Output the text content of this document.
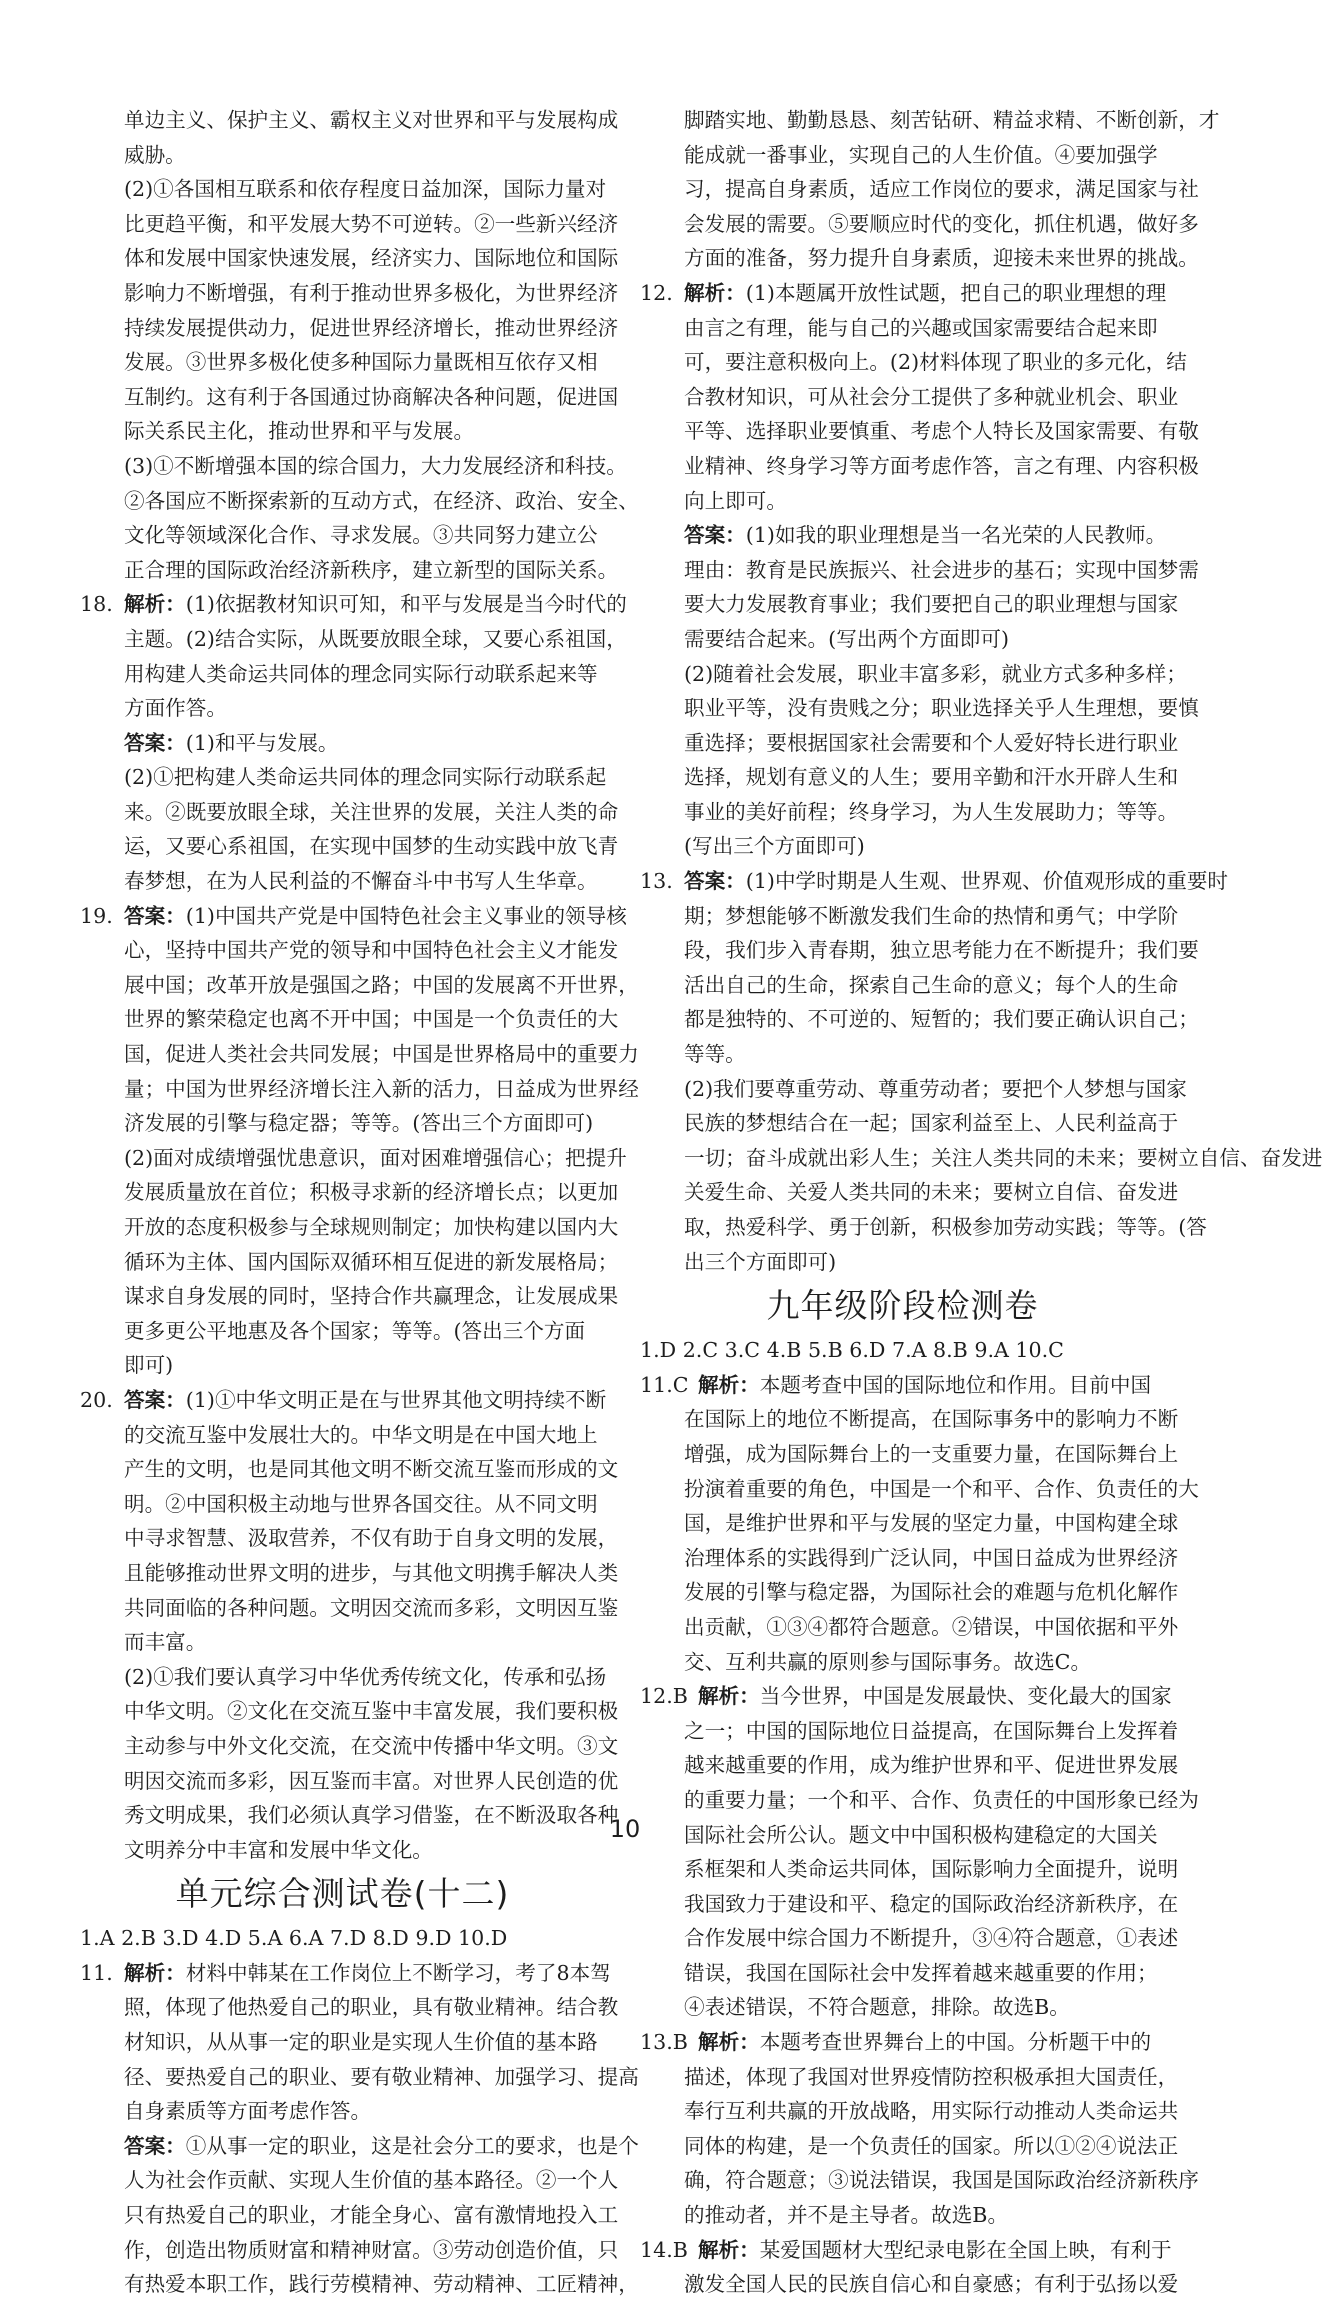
单边主义、保护主义、霸权主义对世界和平与发展构成
威胁。
(2)①各国相互联系和依存程度日益加深，国际力量对
比更趋平衡，和平发展大势不可逆转。②一些新兴经济
体和发展中国家快速发展，经济实力、国际地位和国际
影响力不断增强，有利于推动世界多极化，为世界经济
持续发展提供动力，促进世界经济增长，推动世界经济
发展。③世界多极化使多种国际力量既相互依存又相
互制约。这有利于各国通过协商解决各种问题，促进国
际关系民主化，推动世界和平与发展。
(3)①不断增强本国的综合国力，大力发展经济和科技。
②各国应不断探索新的互动方式，在经济、政治、安全、
文化等领域深化合作、寻求发展。③共同努力建立公
正合理的国际政治经济新秩序，建立新型的国际关系。
18. 解析：(1)依据教材知识可知，和平与发展是当今时代的
主题。(2)结合实际，从既要放眼全球，又要心系祖国，
用构建人类命运共同体的理念同实际行动联系起来等
方面作答。
答案：(1)和平与发展。
(2)①把构建人类命运共同体的理念同实际行动联系起
来。②既要放眼全球，关注世界的发展，关注人类的命
运，又要心系祖国，在实现中国梦的生动实践中放飞青
春梦想，在为人民利益的不懈奋斗中书写人生华章。
19. 答案：(1)中国共产党是中国特色社会主义事业的领导核
心，坚持中国共产党的领导和中国特色社会主义才能发
展中国；改革开放是强国之路；中国的发展离不开世界，
世界的繁荣稳定也离不开中国；中国是一个负责任的大
国，促进人类社会共同发展；中国是世界格局中的重要力
量；中国为世界经济增长注入新的活力，日益成为世界经
济发展的引擎与稳定器；等等。(答出三个方面即可)
(2)面对成绩增强忧患意识，面对困难增强信心；把提升
发展质量放在首位；积极寻求新的经济增长点；以更加
开放的态度积极参与全球规则制定；加快构建以国内大
循环为主体、国内国际双循环相互促进的新发展格局；
谋求自身发展的同时，坚持合作共赢理念，让发展成果
更多更公平地惠及各个国家；等等。(答出三个方面
即可)
20. 答案：(1)①中华文明正是在与世界其他文明持续不断
的交流互鉴中发展壮大的。中华文明是在中国大地上
产生的文明，也是同其他文明不断交流互鉴而形成的文
明。②中国积极主动地与世界各国交往。从不同文明
中寻求智慧、汲取营养，不仅有助于自身文明的发展，
且能够推动世界文明的进步，与其他文明携手解决人类
共同面临的各种问题。文明因交流而多彩，文明因互鉴
而丰富。
(2)①我们要认真学习中华优秀传统文化，传承和弘扬
中华文明。②文化在交流互鉴中丰富发展，我们要积极
主动参与中外文化交流，在交流中传播中华文明。③文
明因交流而多彩，因互鉴而丰富。对世界人民创造的优
秀文明成果，我们必须认真学习借鉴，在不断汲取各种
文明养分中丰富和发展中华文化。
单元综合测试卷(十二)
1.A 2.B 3.D 4.D 5.A 6.A 7.D 8.D 9.D 10.D
11. 解析：材料中韩某在工作岗位上不断学习，考了8本驾
照，体现了他热爱自己的职业，具有敬业精神。结合教
材知识，从从事一定的职业是实现人生价值的基本路
径、要热爱自己的职业、要有敬业精神、加强学习、提高
自身素质等方面考虑作答。
答案：①从事一定的职业，这是社会分工的要求，也是个
人为社会作贡献、实现人生价值的基本路径。②一个人
只有热爱自己的职业，才能全身心、富有激情地投入工
作，创造出物质财富和精神财富。③劳动创造价值，只
有热爱本职工作，践行劳模精神、劳动精神、工匠精神，
脚踏实地、勤勤恳恳、刻苦钻研、精益求精、不断创新，才
能成就一番事业，实现自己的人生价值。④要加强学
习，提高自身素质，适应工作岗位的要求，满足国家与社
会发展的需要。⑤要顺应时代的变化，抓住机遇，做好多
方面的准备，努力提升自身素质，迎接未来世界的挑战。
12. 解析：(1)本题属开放性试题，把自己的职业理想的理
由言之有理，能与自己的兴趣或国家需要结合起来即
可，要注意积极向上。(2)材料体现了职业的多元化，结
合教材知识，可从社会分工提供了多种就业机会、职业
平等、选择职业要慎重、考虑个人特长及国家需要、有敬
业精神、终身学习等方面考虑作答，言之有理、内容积极
向上即可。
答案：(1)如我的职业理想是当一名光荣的人民教师。
理由：教育是民族振兴、社会进步的基石；实现中国梦需
要大力发展教育事业；我们要把自己的职业理想与国家
需要结合起来。(写出两个方面即可)
(2)随着社会发展，职业丰富多彩，就业方式多种多样；
职业平等，没有贵贱之分；职业选择关乎人生理想，要慎
重选择；要根据国家社会需要和个人爱好特长进行职业
选择，规划有意义的人生；要用辛勤和汗水开辟人生和
事业的美好前程；终身学习，为人生发展助力；等等。
(写出三个方面即可)
13. 答案：(1)中学时期是人生观、世界观、价值观形成的重要时
期；梦想能够不断激发我们生命的热情和勇气；中学阶
段，我们步入青春期，独立思考能力在不断提升；我们要
活出自己的生命，探索自己生命的意义；每个人的生命
都是独特的、不可逆的、短暂的；我们要正确认识自己；
等等。
(2)我们要尊重劳动、尊重劳动者；要把个人梦想与国家
民族的梦想结合在一起；国家利益至上、人民利益高于
一切；奋斗成就出彩人生；关注人类共同的未来；要树立自信、奋发进
关爱生命、关爱人类共同的未来；要树立自信、奋发进
取，热爱科学、勇于创新，积极参加劳动实践；等等。(答
出三个方面即可)
九年级阶段检测卷
1.D 2.C 3.C 4.B 5.B 6.D 7.A 8.B 9.A 10.C
11.C 解析：本题考查中国的国际地位和作用。目前中国
在国际上的地位不断提高，在国际事务中的影响力不断
增强，成为国际舞台上的一支重要力量，在国际舞台上
扮演着重要的角色，中国是一个和平、合作、负责任的大
国，是维护世界和平与发展的坚定力量，中国构建全球
治理体系的实践得到广泛认同，中国日益成为世界经济
发展的引擎与稳定器，为国际社会的难题与危机化解作
出贡献，①③④都符合题意。②错误，中国依据和平外
交、互利共赢的原则参与国际事务。故选C。
12.B 解析：当今世界，中国是发展最快、变化最大的国家
之一；中国的国际地位日益提高，在国际舞台上发挥着
越来越重要的作用，成为维护世界和平、促进世界发展
的重要力量；一个和平、合作、负责任的中国形象已经为
国际社会所公认。题文中中国积极构建稳定的大国关
系框架和人类命运共同体，国际影响力全面提升，说明
我国致力于建设和平、稳定的国际政治经济新秩序，在
合作发展中综合国力不断提升，③④符合题意，①表述
错误，我国在国际社会中发挥着越来越重要的作用；
④表述错误，不符合题意，排除。故选B。
13.B 解析：本题考查世界舞台上的中国。分析题干中的
描述，体现了我国对世界疫情防控积极承担大国责任，
奉行互利共赢的开放战略，用实际行动推动人类命运共
同体的构建，是一个负责任的国家。所以①②④说法正
确，符合题意；③说法错误，我国是国际政治经济新秩序
的推动者，并不是主导者。故选B。
14.B 解析：某爱国题材大型纪录电影在全国上映，有利于
激发全国人民的民族自信心和自豪感；有利于弘扬以爱
10
